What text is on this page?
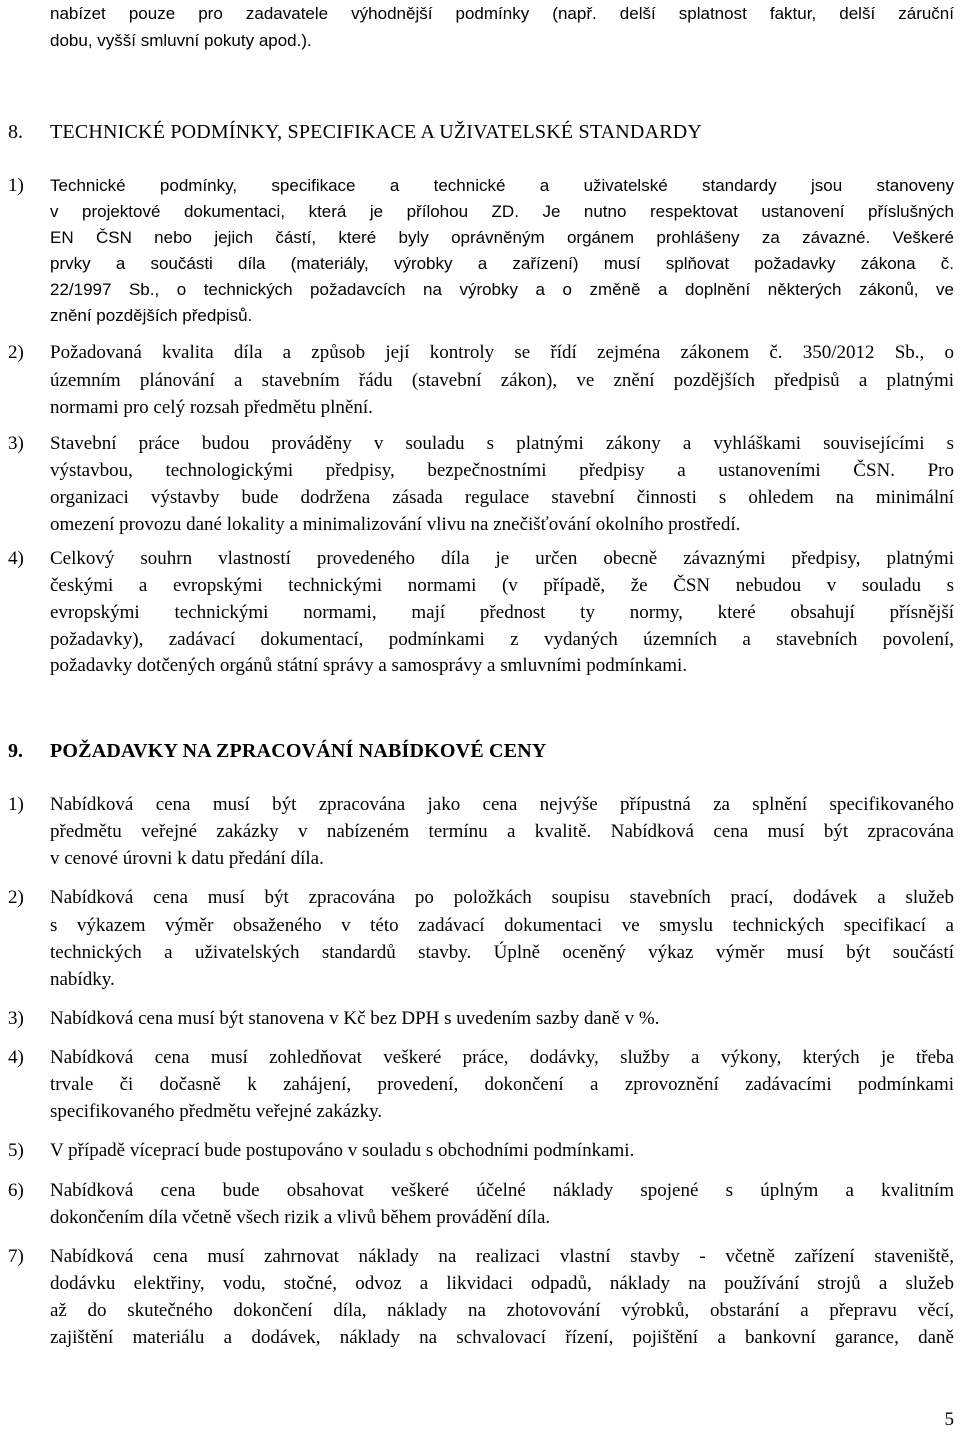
nabízet pouze pro zadavatele výhodnější podmínky (např. delší splatnost faktur, delší záruční
dobu, vyšší smluvní pokuty apod.).
8.	TECHNICKÉ PODMÍNKY, SPECIFIKACE A UŽIVATELSKÉ STANDARDY
1)	Technické podmínky, specifikace a technické a uživatelské standardy jsou stanoveny
v projektové dokumentaci, která je přílohou ZD. Je nutno respektovat ustanovení příslušných
EN ČSN nebo jejich částí, které byly oprávněným orgánem prohlášeny za závazné. Veškeré
prvky a součásti díla (materiály, výrobky a zařízení) musí splňovat požadavky zákona č.
22/1997 Sb., o technických požadavcích na výrobky a o změně a doplnění některých zákonů, ve
znění pozdějších předpisů.
2)	Požadovaná kvalita díla a způsob její kontroly se řídí zejména zákonem č. 350/2012 Sb., o
územním plánování a stavebním řádu (stavební zákon), ve znění pozdějších předpisů a platnými
normami pro celý rozsah předmětu plnění.
3)	Stavební práce budou prováděny v souladu s platnými zákony a vyhláškami souvisejícími s
výstavbou, technologickými předpisy, bezpečnostními předpisy a ustanoveními ČSN. Pro
organizaci výstavby bude dodržena zásada regulace stavební činnosti s ohledem na minimální
omezení provozu dané lokality a minimalizování vlivu na znečišťování okolního prostředí.
4)	Celkový souhrn vlastností provedeného díla je určen obecně závaznými předpisy, platnými
českými a evropskými technickými normami (v případě, že ČSN nebudou v souladu s
evropskými technickými normami, mají přednost ty normy, které obsahují přísnější
požadavky), zadávací dokumentací, podmínkami z vydaných územních a stavebních povolení,
požadavky dotčených orgánů státní správy a samosprávy a smluvními podmínkami.
9.	POŽADAVKY NA ZPRACOVÁNÍ NABÍDKOVÉ CENY
1)	Nabídková cena musí být zpracována jako cena nejvýše přípustná za splnění specifikovaného
předmětu veřejné zakázky v nabízeném termínu a kvalitě. Nabídková cena musí být zpracována
v cenové úrovni k datu předání díla.
2)	Nabídková cena musí být zpracována po položkách soupisu stavebních prací, dodávek a služeb
s výkazem výměr obsaženého v této zadávací dokumentaci ve smyslu technických specifikací a
technických a uživatelských standardů stavby. Úplně oceněný výkaz výměr musí být součástí
nabídky.
3)	Nabídková cena musí být stanovena v Kč bez DPH s uvedením sazby daně v %.
4)	Nabídková cena musí zohledňovat veškeré práce, dodávky, služby a výkony, kterých je třeba
trvale či dočasně k zahájení, provedení, dokončení a zprovoznění zadávacími podmínkami
specifikovaného předmětu veřejné zakázky.
5)	V případě víceprací bude postupováno v souladu s obchodními podmínkami.
6)	Nabídková cena bude obsahovat veškeré účelné náklady spojené s úplným a kvalitním
dokončením díla včetně všech rizik a vlivů během provádění díla.
7)	Nabídková cena musí zahrnovat náklady na realizaci vlastní stavby - včetně zařízení staveniště,
dodávku elektřiny, vodu, stočné, odvoz a likvidaci odpadů, náklady na používání strojů a služeb
až do skutečného dokončení díla, náklady na zhotovování výrobků, obstarání a přepravu věcí,
zajištění materiálu a dodávek, náklady na schvalovací řízení, pojištění a bankovní garance, daně
5
